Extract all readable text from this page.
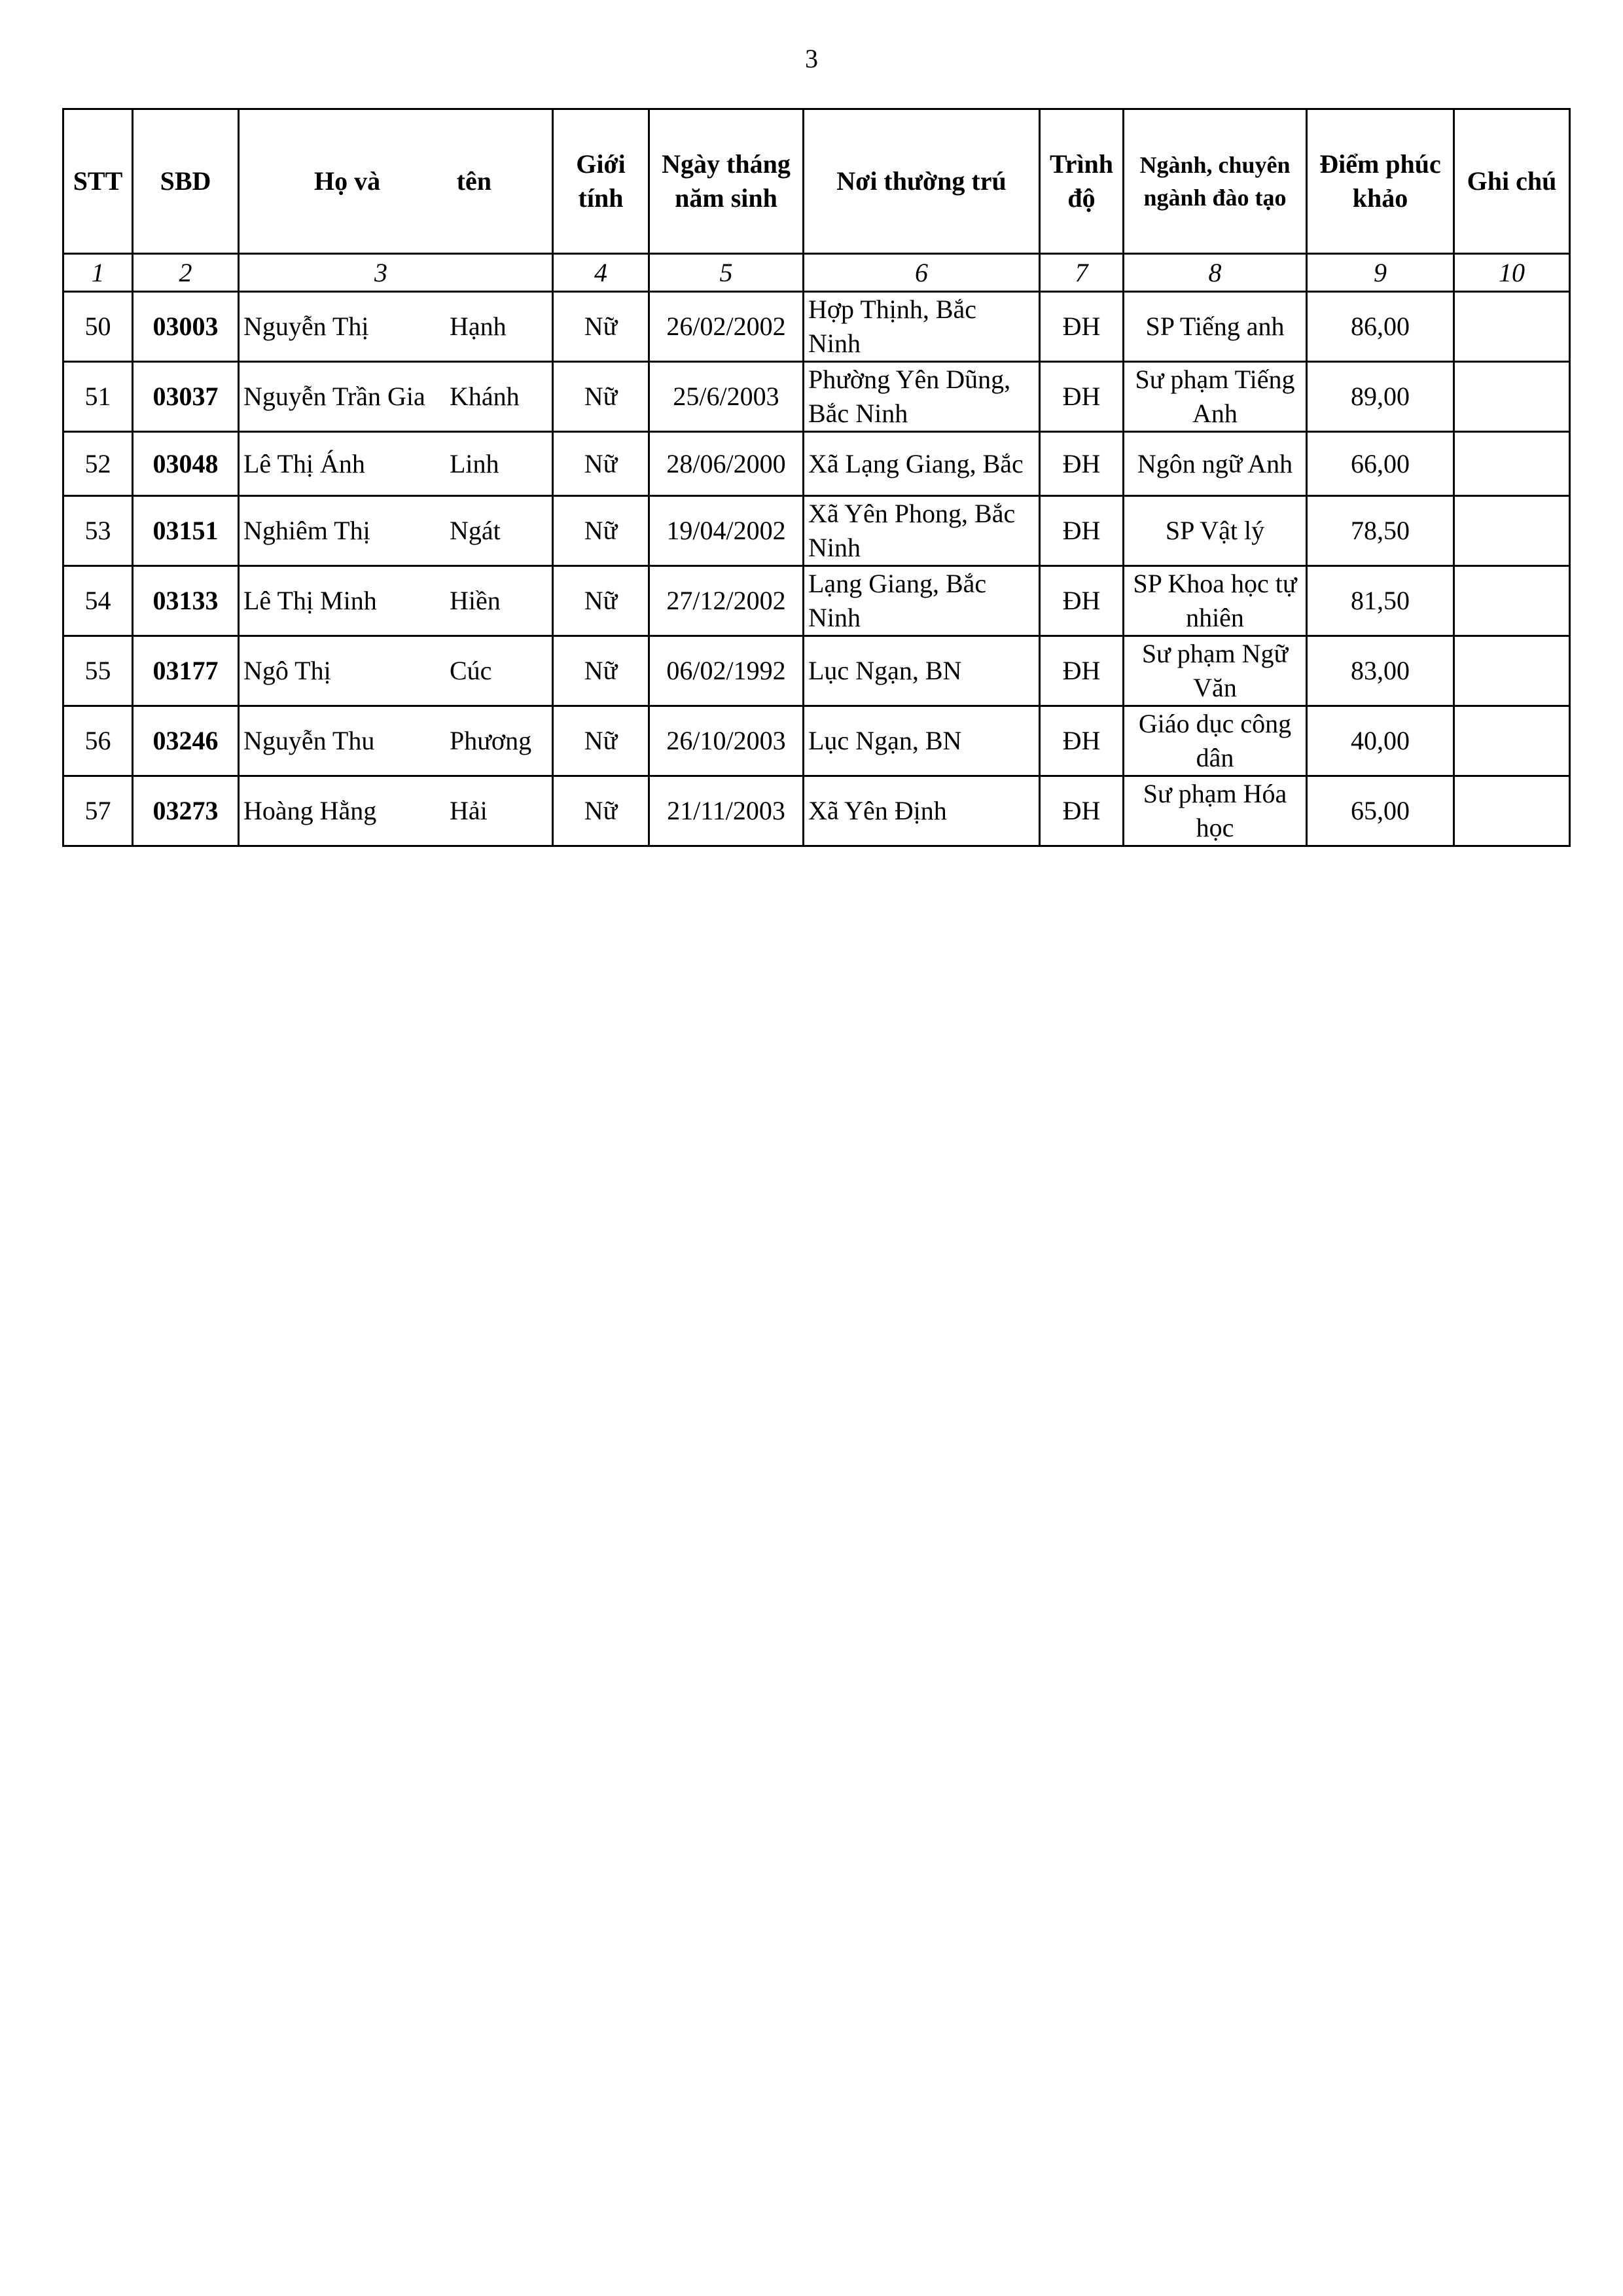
3
STT	SBD	Họ và tên	Giới tính	Ngày tháng năm sinh	Nơi thường trú	Trình độ	Ngành, chuyên ngành đào tạo	Điểm phúc khảo	Ghi chú
1	2	3	4	5	6	7	8	9	10
50	03003	Nguyễn Thị Hạnh	Nữ	26/02/2002	Hợp Thịnh, Bắc Ninh	ĐH	SP Tiếng anh	86,00	
51	03037	Nguyễn Trần Gia Khánh	Nữ	25/6/2003	Phường Yên Dũng, Bắc Ninh	ĐH	Sư phạm Tiếng Anh	89,00	
52	03048	Lê Thị Ánh Linh	Nữ	28/06/2000	Xã Lạng Giang, Bắc	ĐH	Ngôn ngữ Anh	66,00	
53	03151	Nghiêm Thị Ngát	Nữ	19/04/2002	Xã Yên Phong, Bắc Ninh	ĐH	SP Vật lý	78,50	
54	03133	Lê Thị Minh Hiền	Nữ	27/12/2002	Lạng Giang, Bắc Ninh	ĐH	SP Khoa học tự nhiên	81,50	
55	03177	Ngô Thị Cúc	Nữ	06/02/1992	Lục Ngạn, BN	ĐH	Sư phạm Ngữ Văn	83,00	
56	03246	Nguyễn Thu Phương	Nữ	26/10/2003	Lục Ngạn, BN	ĐH	Giáo dục công dân	40,00	
57	03273	Hoàng Hằng Hải	Nữ	21/11/2003	Xã Yên Định	ĐH	Sư phạm Hóa học	65,00	
